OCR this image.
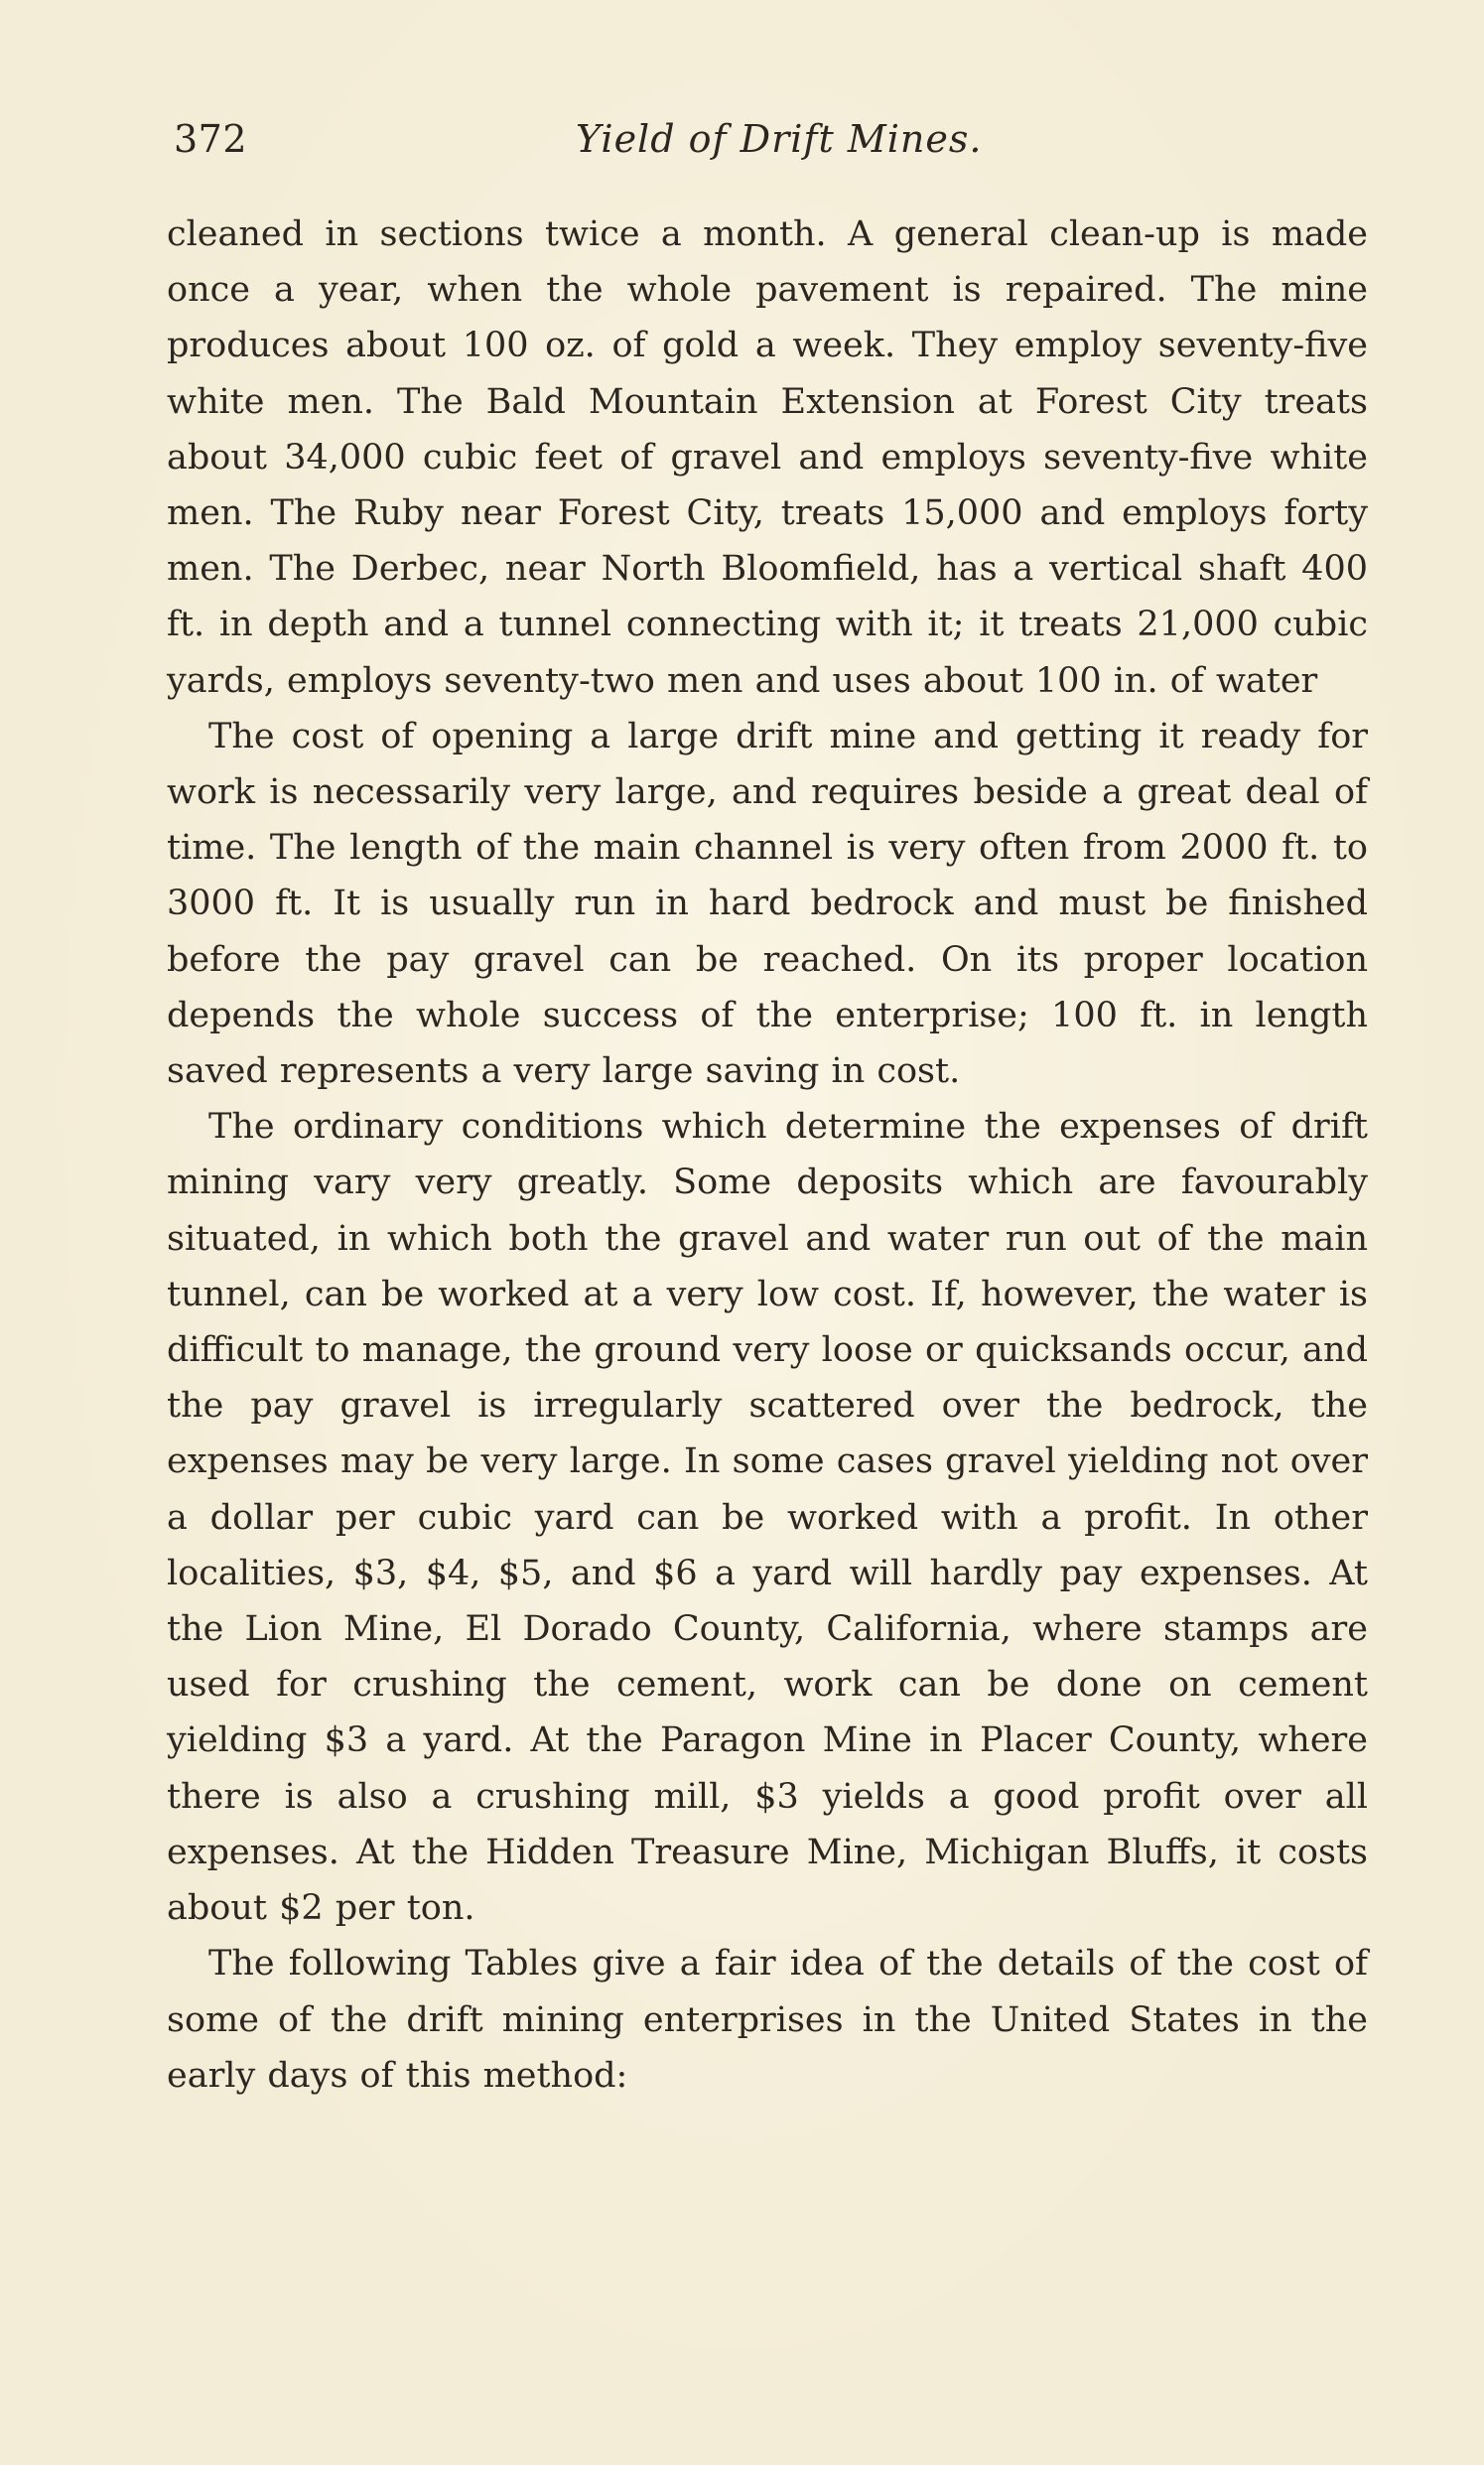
372	Yield of Drift Mines.

cleaned in sections twice a month. A general clean-up is made once a year, when the whole pavement is repaired. The mine produces about 100 oz. of gold a week. They employ seventy-five white men. The Bald Mountain Extension at Forest City treats about 34,000 cubic feet of gravel and employs seventy-five white men. The Ruby near Forest City, treats 15,000 and employs forty men. The Derbec, near North Bloomfield, has a vertical shaft 400 ft. in depth and a tunnel connecting with it; it treats 21,000 cubic yards, employs seventy-two men and uses about 100 in. of water

The cost of opening a large drift mine and getting it ready for work is necessarily very large, and requires beside a great deal of time. The length of the main channel is very often from 2000 ft. to 3000 ft. It is usually run in hard bedrock and must be finished before the pay gravel can be reached. On its proper location depends the whole success of the enterprise; 100 ft. in length saved represents a very large saving in cost.

The ordinary conditions which determine the expenses of drift mining vary very greatly. Some deposits which are favourably situated, in which both the gravel and water run out of the main tunnel, can be worked at a very low cost. If, however, the water is difficult to manage, the ground very loose or quicksands occur, and the pay gravel is irregularly scattered over the bedrock, the expenses may be very large. In some cases gravel yielding not over a dollar per cubic yard can be worked with a profit. In other localities, $3, $4, $5, and $6 a yard will hardly pay expenses. At the Lion Mine, El Dorado County, California, where stamps are used for crushing the cement, work can be done on cement yielding $3 a yard. At the Paragon Mine in Placer County, where there is also a crushing mill, $3 yields a good profit over all expenses. At the Hidden Treasure Mine, Michigan Bluffs, it costs about $2 per ton.

The following Tables give a fair idea of the details of the cost of some of the drift mining enterprises in the United States in the early days of this method:
